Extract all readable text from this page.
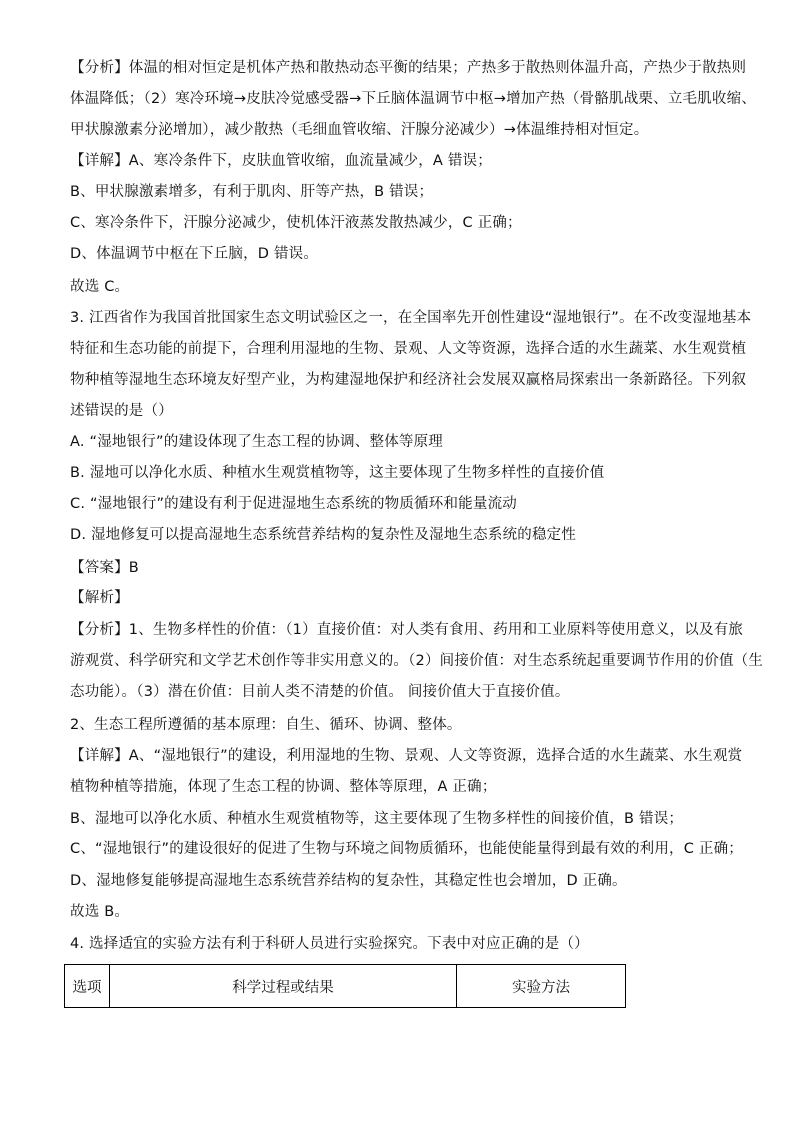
【分析】体温的相对恒定是机体产热和散热动态平衡的结果；产热多于散热则体温升高，产热少于散热则
体温降低；（2）寒冷环境→皮肤冷觉感受器→下丘脑体温调节中枢→增加产热（骨骼肌战栗、立毛肌收缩、
甲状腺激素分泌增加），减少散热（毛细血管收缩、汗腺分泌减少）→体温维持相对恒定。
【详解】A、寒冷条件下，皮肤血管收缩，血流量减少，A 错误；
B、甲状腺激素增多，有利于肌肉、肝等产热，B 错误；
C、寒冷条件下，汗腺分泌减少，使机体汗液蒸发散热减少，C 正确；
D、体温调节中枢在下丘脑，D 错误。
故选 C。
3. 江西省作为我国首批国家生态文明试验区之一，在全国率先开创性建设“湿地银行”。在不改变湿地基本
特征和生态功能的前提下，合理利用湿地的生物、景观、人文等资源，选择合适的水生蔬菜、水生观赏植
物种植等湿地生态环境友好型产业，为构建湿地保护和经济社会发展双赢格局探索出一条新路径。下列叙
述错误的是（）
A. “湿地银行”的建设体现了生态工程的协调、整体等原理
B. 湿地可以净化水质、种植水生观赏植物等，这主要体现了生物多样性的直接价值
C. “湿地银行”的建设有利于促进湿地生态系统的物质循环和能量流动
D. 湿地修复可以提高湿地生态系统营养结构的复杂性及湿地生态系统的稳定性
【答案】B
【解析】
【分析】1、生物多样性的价值：（1）直接价值：对人类有食用、药用和工业原料等使用意义，以及有旅
游观赏、科学研究和文学艺术创作等非实用意义的。（2）间接价值：对生态系统起重要调节作用的价值（生
态功能）。（3）潜在价值：目前人类不清楚的价值。 间接价值大于直接价值。
2、生态工程所遵循的基本原理：自生、循环、协调、整体。
【详解】A、“湿地银行”的建设，利用湿地的生物、景观、人文等资源，选择合适的水生蔬菜、水生观赏
植物种植等措施，体现了生态工程的协调、整体等原理，A 正确；
B、湿地可以净化水质、种植水生观赏植物等，这主要体现了生物多样性的间接价值，B 错误；
C、“湿地银行”的建设很好的促进了生物与环境之间物质循环，也能使能量得到最有效的利用，C 正确；
D、湿地修复能够提高湿地生态系统营养结构的复杂性，其稳定性也会增加，D 正确。
故选 B。
4. 选择适宜的实验方法有利于科研人员进行实验探究。下表中对应正确的是（）
选项	科学过程或结果	实验方法
